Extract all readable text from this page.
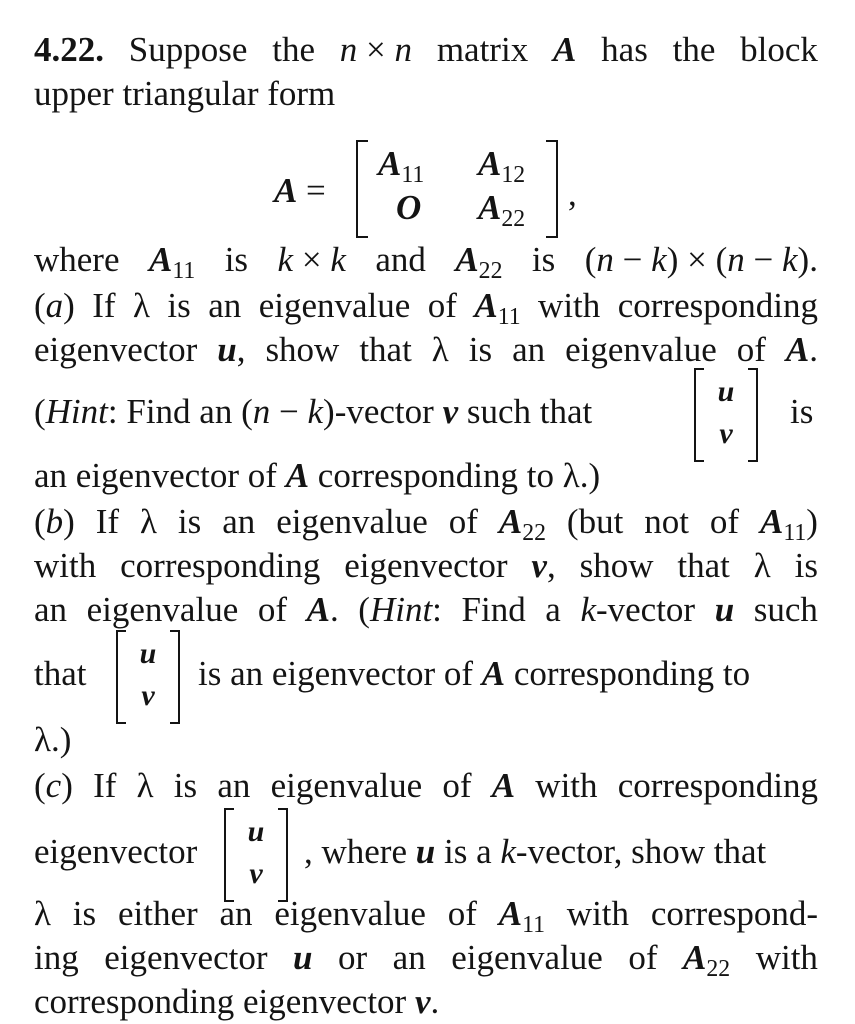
4.22. Suppose the n × n matrix A has the block
upper triangular form
A =
$A_{11}$ $A_{12}$
O $A_{22}$
,
where $A_{11}$ is k × k and $A_{22}$ is (n − k) × (n − k).
(a) If λ is an eigenvalue of $A_{11}$ with corresponding
eigenvector u, show that λ is an eigenvalue of A.
(Hint: Find an (n − k)-vector v such that	is
u
v
an eigenvector of A corresponding to λ.)
(b) If λ is an eigenvalue of $A_{22}$ (but not of $A_{11}$)
with corresponding eigenvector v, show that λ is
an eigenvalue of A. (Hint: Find a k-vector u such
that	is an eigenvector of A corresponding to
u
v
λ.)
(c) If λ is an eigenvalue of A with corresponding
eigenvector	, where u is a k-vector, show that
u
v
λ is either an eigenvalue of $A_{11}$ with correspond-
ing eigenvector u or an eigenvalue of $A_{22}$ with
corresponding eigenvector v.
